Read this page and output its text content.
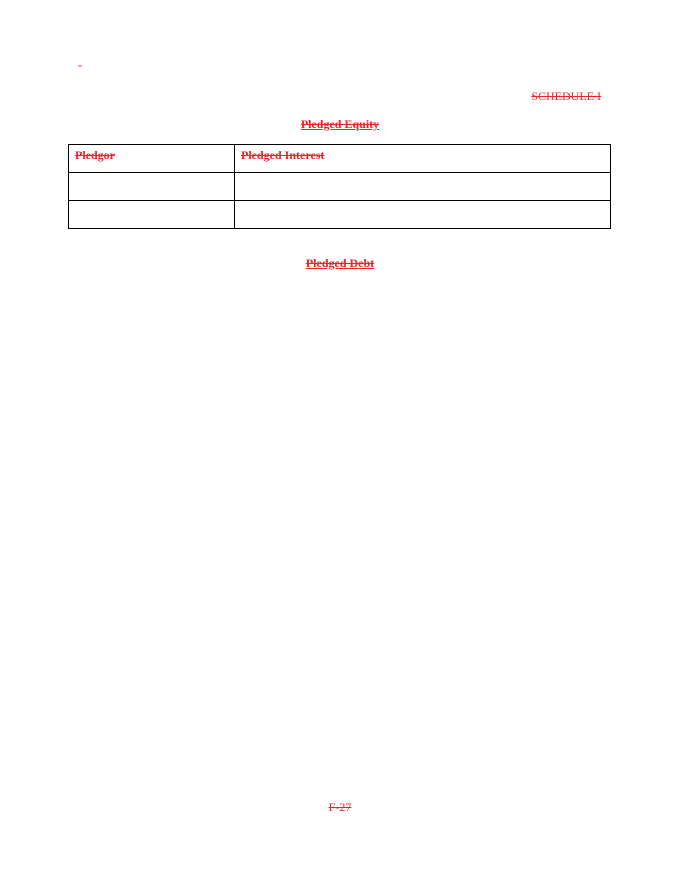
-
SCHEDULE I
Pledged Equity
Pledgor	Pledged Interest

Pledged Debt
F-27
